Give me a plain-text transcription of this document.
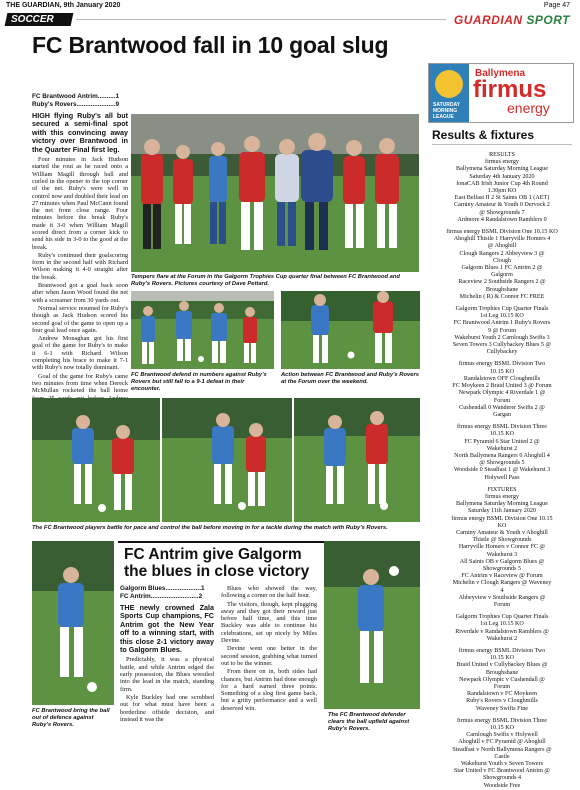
THE GUARDIAN, 9th January 2020	Page 47
SOCCER	GUARDIAN SPORT
FC Brantwood fall in 10 goal slug
FC Brantwood Antrim..........1
Ruby's Rovers......................9
HIGH flying Ruby's all but secured a semi-final spot with this convincing away victory over Brantwood in the Quarter Final first leg.

Four minutes in Jack Hudson started the rout as he raced onto a William Magill through ball and curled in the opener to the top corner of the net. Ruby's were well in control now and doubled their lead on 27 minutes when Paul McCann found the net from close range. Four minutes before the break Ruby's made it 3-0 when William Magill scored direct from a corner kick to send his side in 3-0 to the good at the break.

Ruby's continued their goalscoring form in the second half with Richard Wilson making it 4-0 straight after the break.

Brantwood got a goal back soon after when Jason Wood found the net with a screamer from 30 yards out.

Normal service resumed for Ruby's though as Jack Hudson scored his second goal of the game to open up a four goal lead once again.

Andrew Monaghan got his first goal of the game for Ruby's to make it 6-1 with Richard Wilson completing his brace to make it 7-1 with Ruby's now totally dominant.

Goal of the game for Ruby's came two minutes from time when Dereck McMullan rocketed the ball home

Tempers flare at the Forum in the Galgorm Trophies Cup quarter final between FC Brantwood and Ruby's Rovers. Pictures courtesy of Dave Pettard.
FC Brantwood defend in numbers against Ruby's Rovers but still fall to a 9-1 defeat in their encounter.
Action between FC Brantwood and Ruby's Rovers at the Forum over the weekend.
The FC Brantwood players battle for pace and control the ball before moving in for a tackle during the match with Ruby's Rovers.
FC Brantwood bring the ball out of defence against Ruby's Rovers.
FC Antrim give Galgorm
the blues in close victory
Galgorm Blues....................1
FC Antrim...........................2
THE newly crowned Zala Sports Cup champions, FC Antrim got the New Year off to a winning start, with this close 2-1 victory away to Galgorm Blues.

Predictably, it was a physical battle, and while Antrim edged the early possession, the Blues wrestled into the lead in the match, standing firm.

Kyle Buckley had one scrubbed out for what must have been a borderline offside decision, and instead it was the

Blues who showed the way, following a corner on the half hour.

The visitors, though, kept plugging away and they got their reward just before half time, and this time Buckley was able to continue his celebrations, set up nicely by Miles Devine.

Devine went one better in the second session, grabbing what turned out to be the winner.

From there on in, both sides had chances, but Antrim had done enough for a hard earned three points. Something of a slog first game back, but a gritty performance and a well deserved win.

The FC Brantwood defender clears the ball upfield against Ruby's Rovers.
SATURDAY
MORNING LEAGUE
Ballymena
firmus
energy
Results & fixtures
RESULTS
firmus energy
Ballymena Saturday Morning League
Saturday 4th January 2020
fonaCAB Irish Junior Cup 4th Round
1.30pm KO
East Belfast II 2 St Saints OB 1 (AET)
Carniny Amateur & Youth 0 Dervock 2
@ Showgrounds 7
Ardmore 4 Randalstown Ramblers 0
firmus energy BSML Division One 10.15 KO
Ahoghill Thistle 1 Harryville Homers 4
@ Ahoghill
Clough Rangers 2 Abbeyview 3 @
Clough
Galgorm Blues 1 FC Antrim 2 @
Galgorm
Raceview 2 Southside Rangers 2 @
Broughshane
Michelin ( R) & Connor FC FREE
Galgorm Trophies Cup Quarter Finals
1st Leg 10.15 KO
FC Brantwood Antrim 1 Ruby's Rovers
9 @ Forum
Wakehurst Youth 2 Carnlough Swifts 3
Seven Towers 3 Cullybackey Blues 5 @
Cullybackey
firmus energy BSML Division Two
10.15 KO
Randalstown OFF Cloughmills
FC Moykeen 2 Braid United 3 @ Forum
Newpark Olympic 4 Riverdale 1 @
Forum
Cushendall 0 Wanderer Swifts 2 @
Gargan
firmus energy BSML Division Three
10.15 KO
FC Pyramid 6 Star United 2 @
Wakehurst 2
North Ballymena Rangers 0 Ahoghill 4
@ Showgrounds 5
Woodside 0 Steadfast 1 @ Wakehurst 3
Holywell Pass
FIXTURES
firmus energy
Ballymena Saturday Morning League
Saturday 11th January 2020
firmus energy BSML Division One 10.15
KO
Carniny Amateur & Youth v Ahoghill
Thistle @ Showgrounds
Harryville Homers v Connor FC @
Wakehurst 3
All Saints OB v Galgorm Blues @
Showgrounds 5
FC Antrim v Raceview @ Forum
Michelin v Clough Rangers @ Waveney
4
Abbeyview v Southside Rangers @
Forum
Galgorm Trophies Cup Quarter Finals
1st Leg 10.15 KO
Riverdale v Randalstown Ramblers @
Wakehurst 2
firmus energy BSML Division Two
10.15 KO
Braid United v Cullybackey Blues @
Broughshane
Newpark Olympic v Cushendall @
Forum
Randalstown v FC Moykeen
Ruby's Rovers v Cloughmills
Waveney Swifts Fine
firmus energy BSML Division Three
10.15 KO
Carnlough Swifts v Holywell
Ahoghill v FC Pyramid @ Ahoghill
Steadfast v North Ballymena Rangers @
Castle
Wakehurst Youth v Seven Towers
Star United v FC Brantwood Antrim @
Showgrounds 4
Woodside Free
